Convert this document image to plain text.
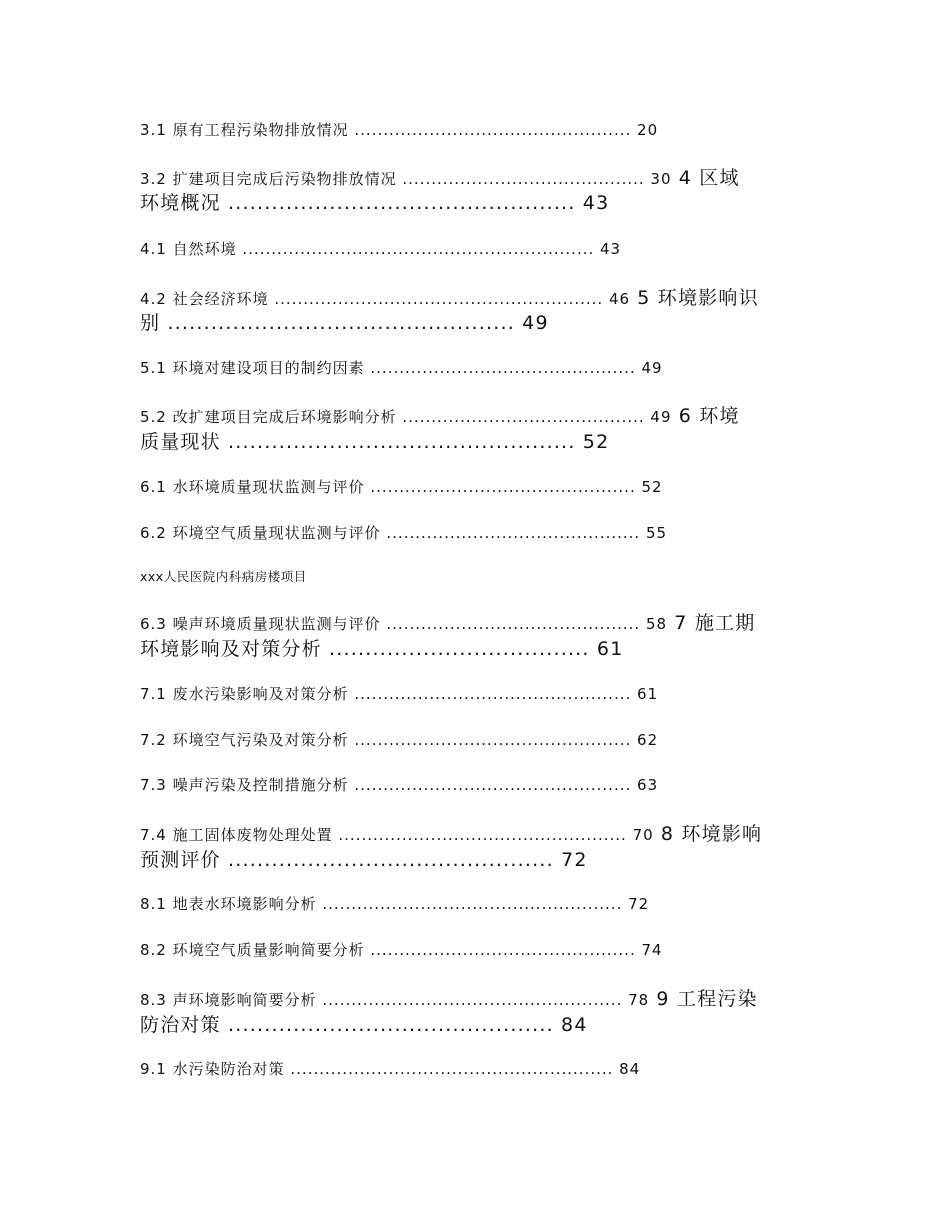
3.1 原有工程污染物排放情况 ................................................ 20
3.2 扩建项目完成后污染物排放情况 .......................................... 30 4 区域
环境概况 ................................................ 43
4.1 自然环境 ............................................................. 43
4.2 社会经济环境 ......................................................... 46 5 环境影响识
别 ................................................ 49
5.1 环境对建设项目的制约因素 .............................................. 49
5.2 改扩建项目完成后环境影响分析 .......................................... 49 6 环境
质量现状 ................................................ 52
6.1 水环境质量现状监测与评价 .............................................. 52
6.2 环境空气质量现状监测与评价 ............................................ 55
xxx人民医院内科病房楼项目
6.3 噪声环境质量现状监测与评价 ............................................ 58 7 施工期
环境影响及对策分析 .................................... 61
7.1 废水污染影响及对策分析 ................................................ 61
7.2 环境空气污染及对策分析 ................................................ 62
7.3 噪声污染及控制措施分析 ................................................ 63
7.4 施工固体废物处理处置 .................................................. 70 8 环境影响
预测评价 ............................................. 72
8.1 地表水环境影响分析 .................................................... 72
8.2 环境空气质量影响简要分析 .............................................. 74
8.3 声环境影响简要分析 .................................................... 78 9 工程污染
防治对策 ............................................. 84
9.1 水污染防治对策 ........................................................ 84
